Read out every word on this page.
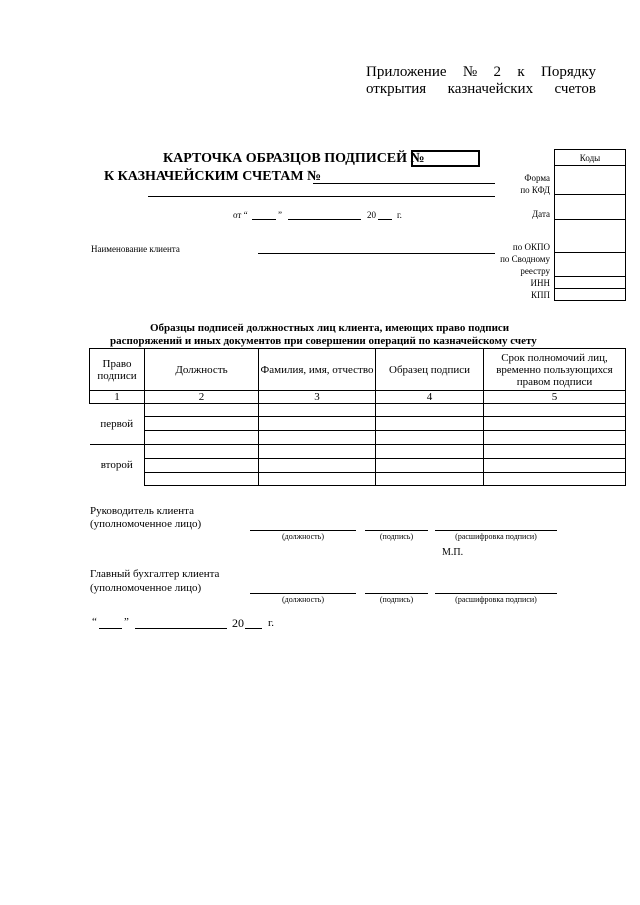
Приложение № 2 к Порядку
открытия казначейских счетов
КАРТОЧКА ОБРАЗЦОВ ПОДПИСЕЙ №
К КАЗНАЧЕЙСКИМ СЧЕТАМ №
от “	”	20 г.
Наименование клиента
Форма
по КФД
Дата
по ОКПО
по Сводному
реестру
ИНН
КПП
Коды
Образцы подписей должностных лиц клиента, имеющих право подписи
распоряжений и иных документов при совершении операций по казначейскому счету
Право подписи	Должность	Фамилия, имя, отчество	Образец подписи	Срок полномочий лиц, временно пользующихся правом подписи
1	2	3	4	5
первой				

второй				

Руководитель клиента
(уполномоченное лицо)
(должность)	(подпись)	(расшифровка подписи)
М.П.
Главный бухгалтер клиента
(уполномоченное лицо)
(должность)	(подпись)	(расшифровка подписи)
“ ”	20 г.
